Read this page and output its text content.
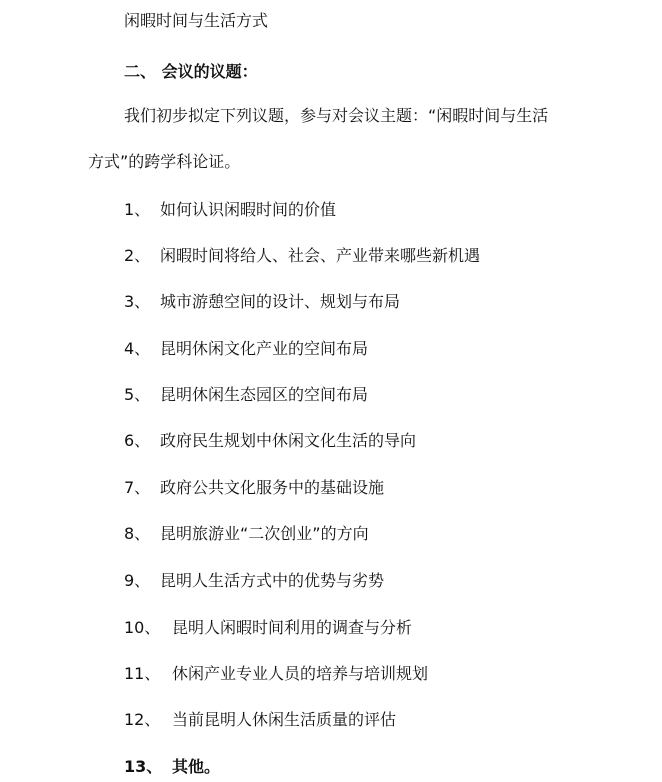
闲暇时间与生活方式
二、 会议的议题：
我们初步拟定下列议题，参与对会议主题：“闲暇时间与生活
方式”的跨学科论证。
1、 如何认识闲暇时间的价值
2、 闲暇时间将给人、社会、产业带来哪些新机遇
3、 城市游憩空间的设计、规划与布局
4、 昆明休闲文化产业的空间布局
5、 昆明休闲生态园区的空间布局
6、 政府民生规划中休闲文化生活的导向
7、 政府公共文化服务中的基础设施
8、 昆明旅游业“二次创业”的方向
9、 昆明人生活方式中的优势与劣势
10、 昆明人闲暇时间利用的调查与分析
11、 休闲产业专业人员的培养与培训规划
12、 当前昆明人休闲生活质量的评估
13、 其他。
